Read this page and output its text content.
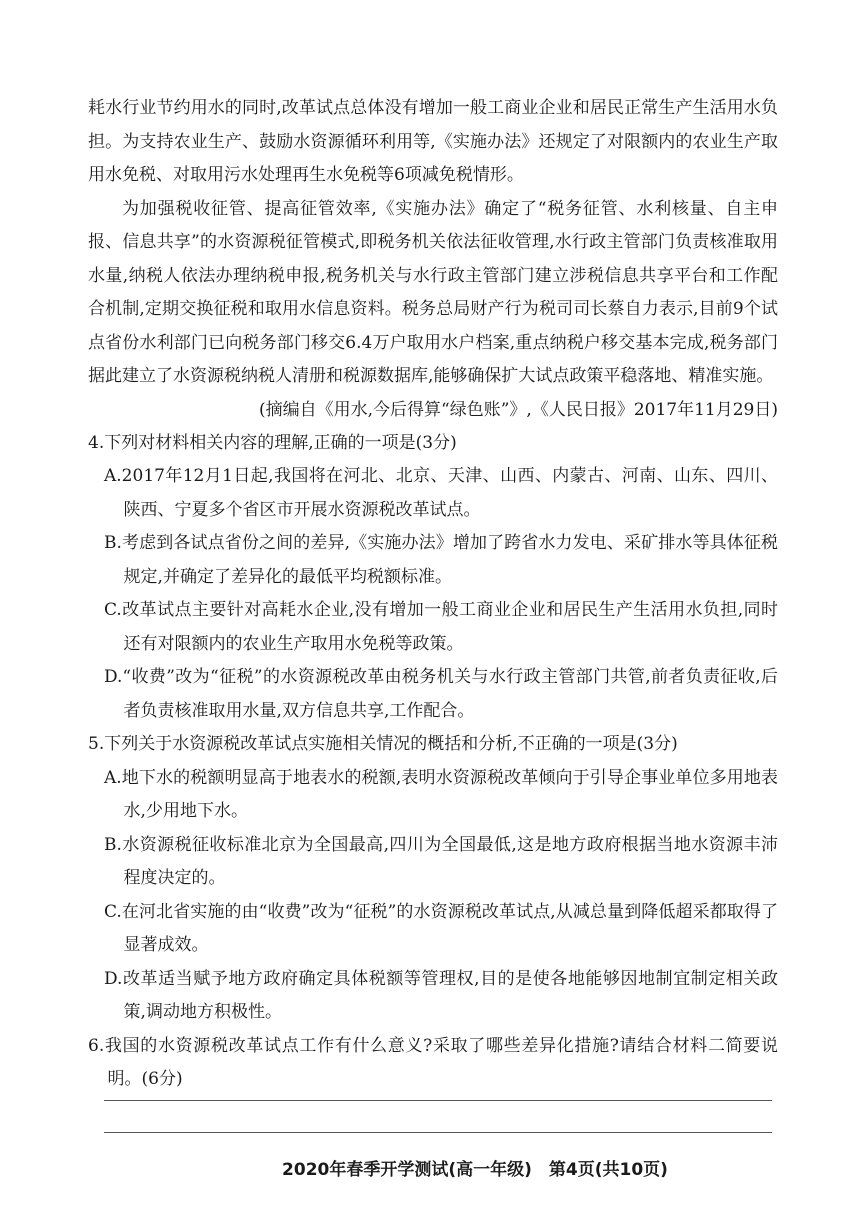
耗水行业节约用水的同时,改革试点总体没有增加一般工商业企业和居民正常生产生活用水负担。为支持农业生产、鼓励水资源循环利用等,《实施办法》还规定了对限额内的农业生产取用水免税、对取用污水处理再生水免税等6项减免税情形。

为加强税收征管、提高征管效率,《实施办法》确定了“税务征管、水利核量、自主申报、信息共享”的水资源税征管模式,即税务机关依法征收管理,水行政主管部门负责核准取用水量,纳税人依法办理纳税申报,税务机关与水行政主管部门建立涉税信息共享平台和工作配合机制,定期交换征税和取用水信息资料。税务总局财产行为税司司长蔡自力表示,目前9个试点省份水利部门已向税务部门移交6.4万户取用水户档案,重点纳税户移交基本完成,税务部门据此建立了水资源税纳税人清册和税源数据库,能够确保扩大试点政策平稳落地、精准实施。

(摘编自《用水,今后得算“绿色账”》,《人民日报》2017年11月29日)

4.下列对材料相关内容的理解,正确的一项是(3分)

A.2017年12月1日起,我国将在河北、北京、天津、山西、内蒙古、河南、山东、四川、陕西、宁夏多个省区市开展水资源税改革试点。

B.考虑到各试点省份之间的差异,《实施办法》增加了跨省水力发电、采矿排水等具体征税规定,并确定了差异化的最低平均税额标准。

C.改革试点主要针对高耗水企业,没有增加一般工商业企业和居民生产生活用水负担,同时还有对限额内的农业生产取用水免税等政策。

D.“收费”改为“征税”的水资源税改革由税务机关与水行政主管部门共管,前者负责征收,后者负责核准取用水量,双方信息共享,工作配合。

5.下列关于水资源税改革试点实施相关情况的概括和分析,不正确的一项是(3分)

A.地下水的税额明显高于地表水的税额,表明水资源税改革倾向于引导企事业单位多用地表水,少用地下水。

B.水资源税征收标准北京为全国最高,四川为全国最低,这是地方政府根据当地水资源丰沛程度决定的。

C.在河北省实施的由“收费”改为“征税”的水资源税改革试点,从减总量到降低超采都取得了显著成效。

D.改革适当赋予地方政府确定具体税额等管理权,目的是使各地能够因地制宜制定相关政策,调动地方积极性。

6.我国的水资源税改革试点工作有什么意义?采取了哪些差异化措施?请结合材料二简要说明。(6分)

2020年春季开学测试(高一年级)　第4页(共10页)
